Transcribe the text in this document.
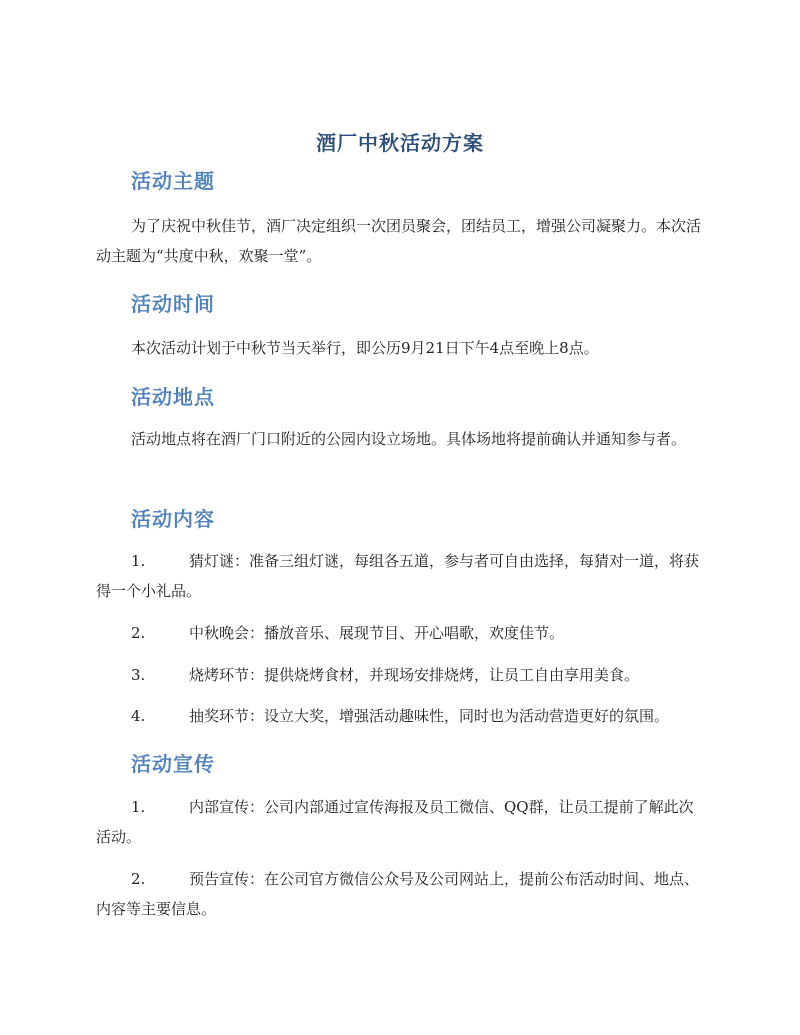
酒厂中秋活动方案
活动主题
为了庆祝中秋佳节，酒厂决定组织一次团员聚会，团结员工，增强公司凝聚力。本次活动主题为“共度中秋，欢聚一堂”。
活动时间
本次活动计划于中秋节当天举行，即公历9月21日下午4点至晚上8点。
活动地点
活动地点将在酒厂门口附近的公园内设立场地。具体场地将提前确认并通知参与者。
活动内容
1.	猜灯谜：准备三组灯谜，每组各五道，参与者可自由选择，每猜对一道，将获得一个小礼品。
2.	中秋晚会：播放音乐、展现节目、开心唱歌，欢度佳节。
3.	烧烤环节：提供烧烤食材，并现场安排烧烤，让员工自由享用美食。
4.	抽奖环节：设立大奖，增强活动趣味性，同时也为活动营造更好的氛围。
活动宣传
1.	内部宣传：公司内部通过宣传海报及员工微信、QQ群，让员工提前了解此次活动。
2.	预告宣传：在公司官方微信公众号及公司网站上，提前公布活动时间、地点、内容等主要信息。
